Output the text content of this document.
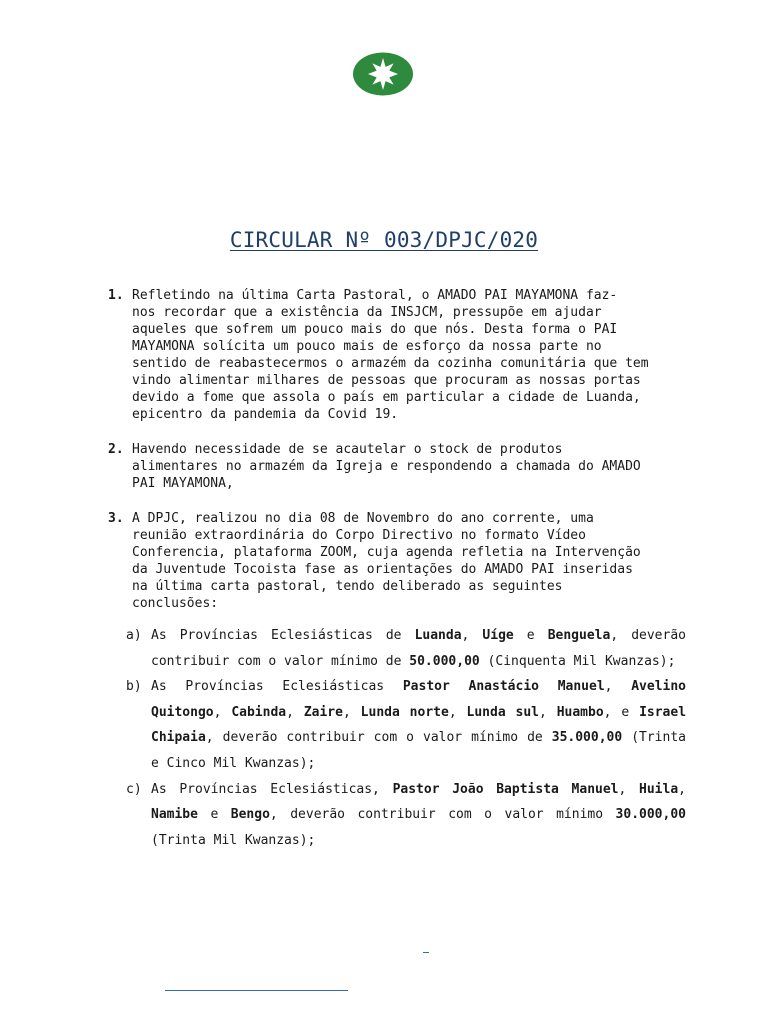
CIRCULAR Nº 003/DPJC/020
1. Refletindo na última Carta Pastoral, o AMADO PAI MAYAMONA faz-
nos recordar que a existência da INSJCM, pressupõe em ajudar
aqueles que sofrem um pouco mais do que nós. Desta forma o PAI
MAYAMONA solícita um pouco mais de esforço da nossa parte no
sentido de reabastecermos o armazém da cozinha comunitária que tem
vindo alimentar milhares de pessoas que procuram as nossas portas
devido a fome que assola o país em particular a cidade de Luanda,
epicentro da pandemia da Covid 19.
2. Havendo necessidade de se acautelar o stock de produtos
alimentares no armazém da Igreja e respondendo a chamada do AMADO
PAI MAYAMONA,
3. A DPJC, realizou no dia 08 de Novembro do ano corrente, uma
reunião extraordinária do Corpo Directivo no formato Vídeo
Conferencia, plataforma ZOOM, cuja agenda refletia na Intervenção
da Juventude Tocoista fase as orientações do AMADO PAI inseridas
na última carta pastoral, tendo deliberado as seguintes
conclusões:
a) As Províncias Eclesiásticas de Luanda, Uíge e Benguela, deverão contribuir com o valor mínimo de 50.000,00 (Cinquenta Mil Kwanzas);
b) As Províncias Eclesiásticas Pastor Anastácio Manuel, Avelino Quitongo, Cabinda, Zaire, Lunda norte, Lunda sul, Huambo, e Israel Chipaia, deverão contribuir com o valor mínimo de 35.000,00 (Trinta e Cinco Mil Kwanzas);
c) As Províncias Eclesiásticas, Pastor João Baptista Manuel, Huila, Namibe e Bengo, deverão contribuir com o valor mínimo 30.000,00 (Trinta Mil Kwanzas);
